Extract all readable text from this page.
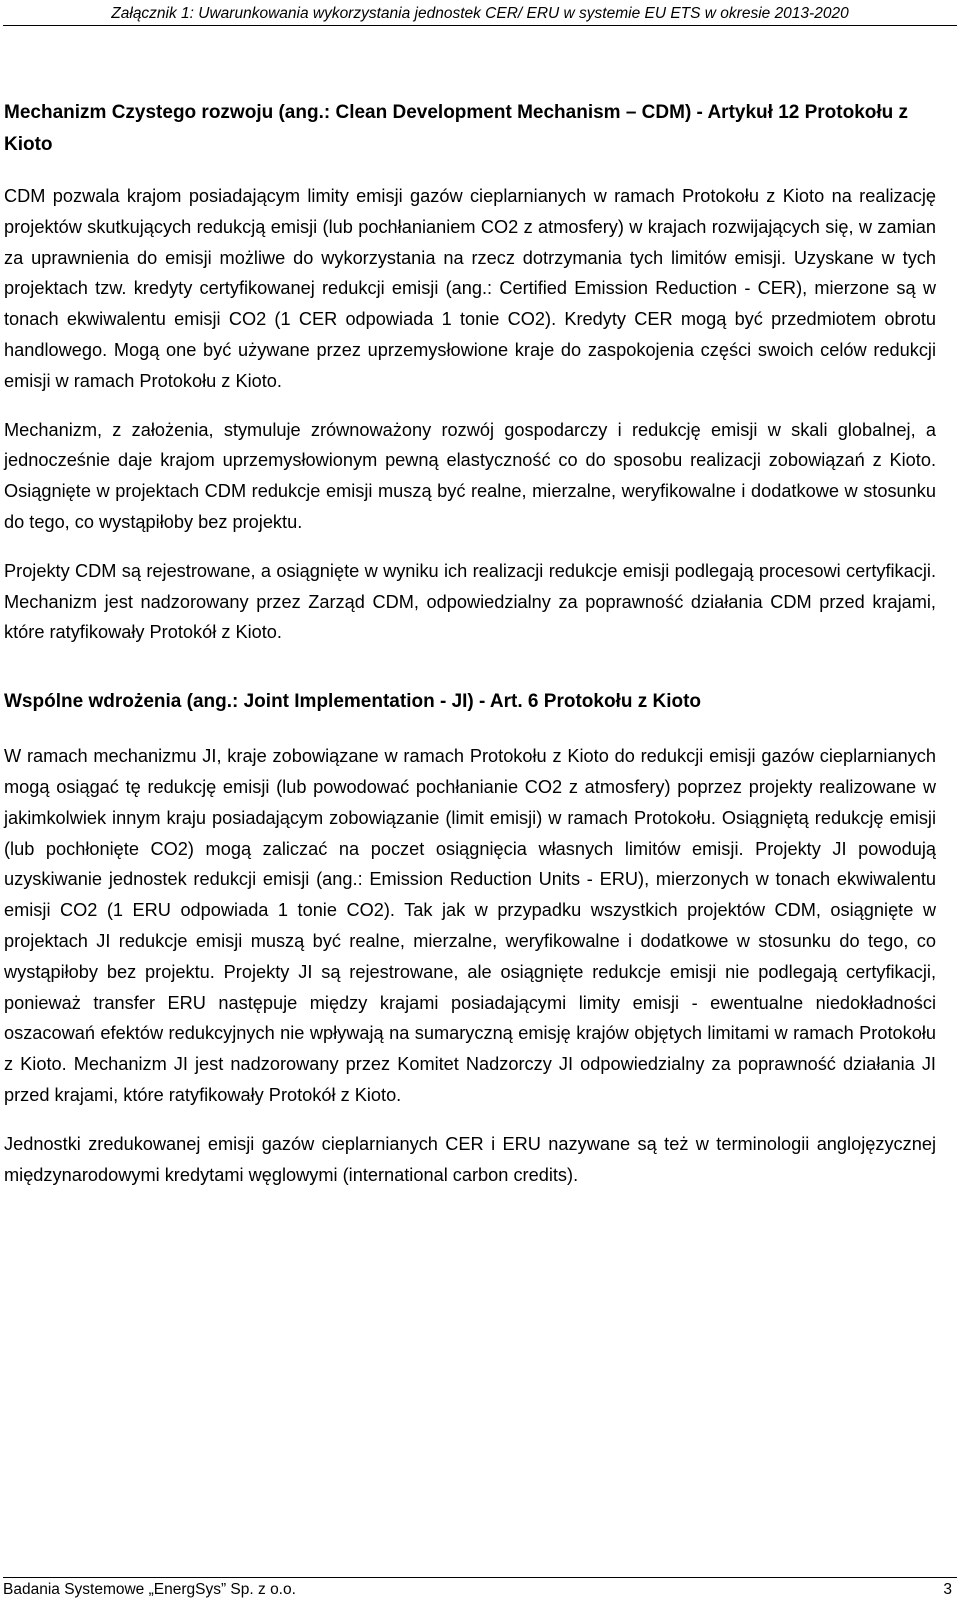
Załącznik 1: Uwarunkowania wykorzystania jednostek CER/ ERU w systemie EU ETS w okresie 2013-2020
Mechanizm Czystego rozwoju (ang.: Clean Development Mechanism – CDM) - Artykuł 12 Protokołu z Kioto

CDM pozwala krajom posiadającym limity emisji gazów cieplarnianych w ramach Protokołu z Kioto na realizację projektów skutkujących redukcją emisji (lub pochłanianiem CO2 z atmosfery) w krajach rozwijających się, w zamian za uprawnienia do emisji możliwe do wykorzystania na rzecz dotrzymania tych limitów emisji. Uzyskane w tych projektach tzw. kredyty certyfikowanej redukcji emisji (ang.: Certified Emission Reduction - CER), mierzone są w tonach ekwiwalentu emisji CO2 (1 CER odpowiada 1 tonie CO2). Kredyty CER mogą być przedmiotem obrotu handlowego. Mogą one być używane przez uprzemysłowione kraje do zaspokojenia części swoich celów redukcji emisji w ramach Protokołu z Kioto.

Mechanizm, z założenia, stymuluje zrównoważony rozwój gospodarczy i redukcję emisji w skali globalnej, a jednocześnie daje krajom uprzemysłowionym pewną elastyczność co do sposobu realizacji zobowiązań z Kioto. Osiągnięte w projektach CDM redukcje emisji muszą być realne, mierzalne, weryfikowalne i dodatkowe w stosunku do tego, co wystąpiłoby bez projektu.

Projekty CDM są rejestrowane, a osiągnięte w wyniku ich realizacji redukcje emisji podlegają procesowi certyfikacji. Mechanizm jest nadzorowany przez Zarząd CDM, odpowiedzialny za poprawność działania CDM przed krajami, które ratyfikowały Protokół z Kioto.

Wspólne wdrożenia (ang.: Joint Implementation - JI) - Art. 6 Protokołu z Kioto

W ramach mechanizmu JI, kraje zobowiązane w ramach Protokołu z Kioto do redukcji emisji gazów cieplarnianych mogą osiągać tę redukcję emisji (lub powodować pochłanianie CO2 z atmosfery) poprzez projekty realizowane w jakimkolwiek innym kraju posiadającym zobowiązanie (limit emisji) w ramach Protokołu. Osiągniętą redukcję emisji (lub pochłonięte CO2) mogą zaliczać na poczet osiągnięcia własnych limitów emisji. Projekty JI powodują uzyskiwanie jednostek redukcji emisji (ang.: Emission Reduction Units - ERU), mierzonych w tonach ekwiwalentu emisji CO2 (1 ERU odpowiada 1 tonie CO2). Tak jak w przypadku wszystkich projektów CDM, osiągnięte w projektach JI redukcje emisji muszą być realne, mierzalne, weryfikowalne i dodatkowe w stosunku do tego, co wystąpiłoby bez projektu. Projekty JI są rejestrowane, ale osiągnięte redukcje emisji nie podlegają certyfikacji, ponieważ transfer ERU następuje między krajami posiadającymi limity emisji - ewentualne niedokładności oszacowań efektów redukcyjnych nie wpływają na sumaryczną emisję krajów objętych limitami w ramach Protokołu z Kioto. Mechanizm JI jest nadzorowany przez Komitet Nadzorczy JI odpowiedzialny za poprawność działania JI przed krajami, które ratyfikowały Protokół z Kioto.

Jednostki zredukowanej emisji gazów cieplarnianych CER i ERU nazywane są też w terminologii anglojęzycznej międzynarodowymi kredytami węglowymi (international carbon credits).

Badania Systemowe „EnergSys” Sp. z o.o.	3
